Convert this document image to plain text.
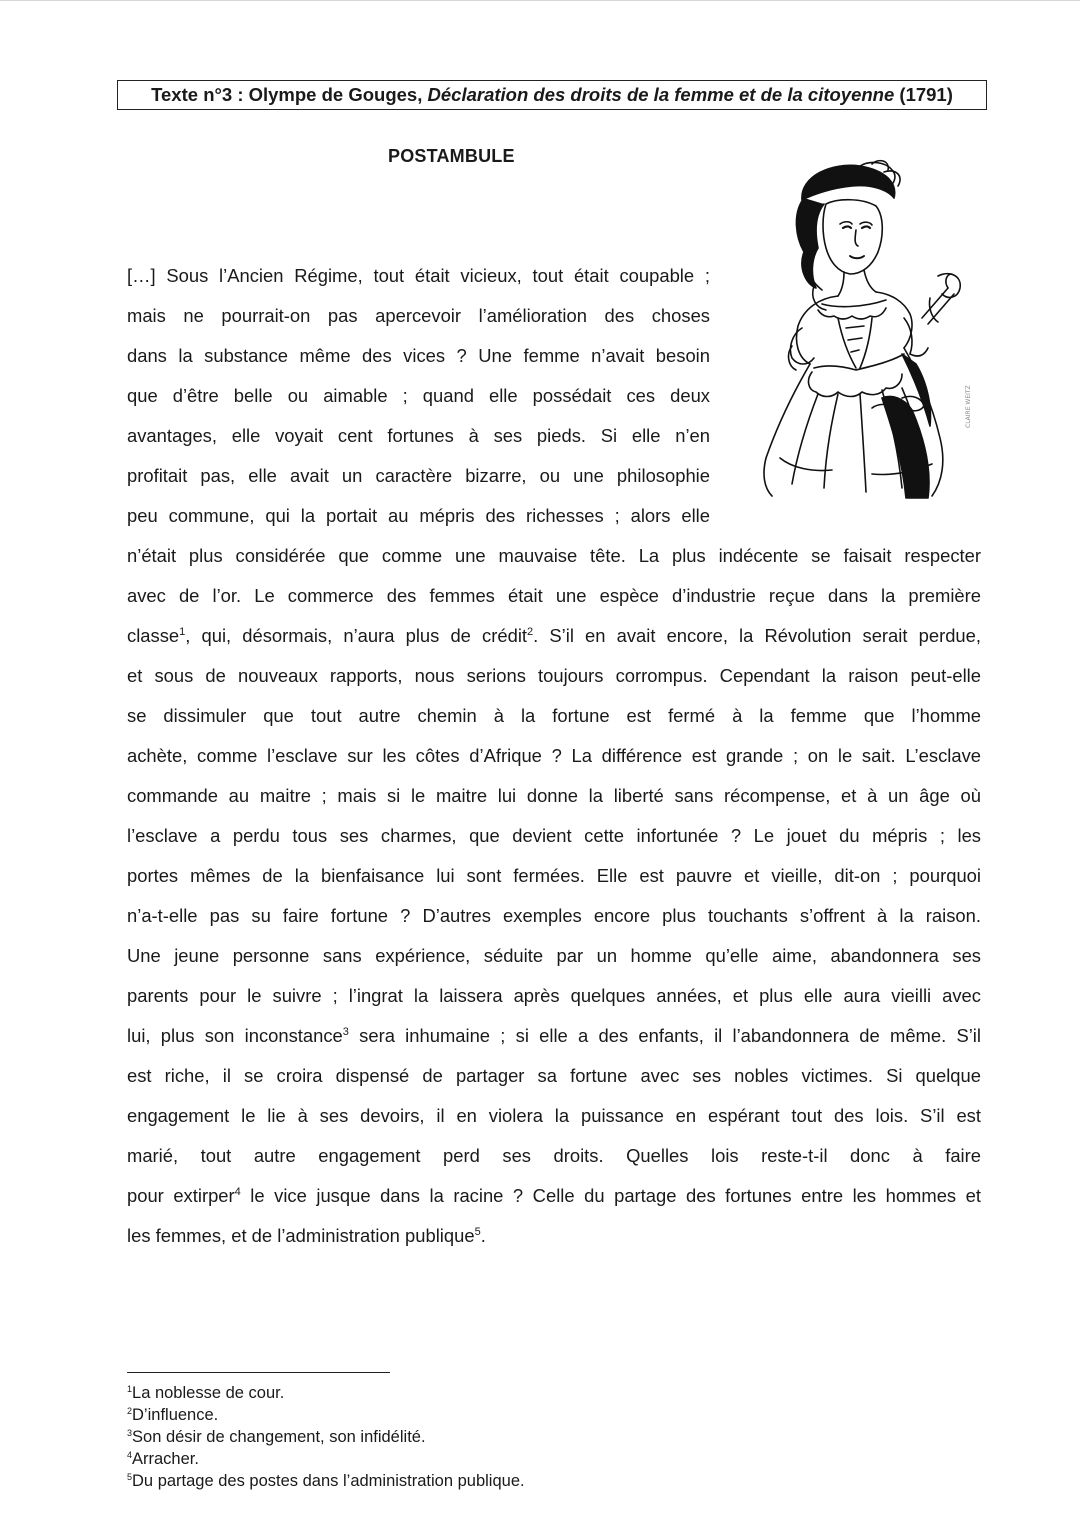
Texte n°3 : Olympe de Gouges, Déclaration des droits de la femme et de la citoyenne (1791)
POSTAMBULE
CLAIRE WEITZ
[…] Sous l’Ancien Régime, tout était vicieux, tout était coupable ;
mais ne pourrait-on pas apercevoir l’amélioration des choses
dans la substance même des vices ? Une femme n’avait besoin
que d’être belle ou aimable ; quand elle possédait ces deux
avantages, elle voyait cent fortunes à ses pieds. Si elle n’en
profitait pas, elle avait un caractère bizarre, ou une philosophie
peu commune, qui la portait au mépris des richesses ; alors elle
n’était plus considérée que comme une mauvaise tête. La plus indécente se faisait respecter
avec de l’or. Le commerce des femmes était une espèce d’industrie reçue dans la première
classe$^1$, qui, désormais, n’aura plus de crédit$^2$. S’il en avait encore, la Révolution serait perdue,
et sous de nouveaux rapports, nous serions toujours corrompus. Cependant la raison peut-elle
se dissimuler que tout autre chemin à la fortune est fermé à la femme que l’homme
achète, comme l’esclave sur les côtes d’Afrique ? La différence est grande ; on le sait. L’esclave
commande au maitre ; mais si le maitre lui donne la liberté sans récompense, et à un âge où
l’esclave a perdu tous ses charmes, que devient cette infortunée ? Le jouet du mépris ; les
portes mêmes de la bienfaisance lui sont fermées. Elle est pauvre et vieille, dit-on ; pourquoi
n’a-t-elle pas su faire fortune ? D’autres exemples encore plus touchants s’offrent à la raison.
Une jeune personne sans expérience, séduite par un homme qu’elle aime, abandonnera ses
parents pour le suivre ; l’ingrat la laissera après quelques années, et plus elle aura vieilli avec
lui, plus son inconstance$^3$ sera inhumaine ; si elle a des enfants, il l’abandonnera de même. S’il
est riche, il se croira dispensé de partager sa fortune avec ses nobles victimes. Si quelque
engagement le lie à ses devoirs, il en violera la puissance en espérant tout des lois. S’il est
marié, tout autre engagement perd ses droits. Quelles lois reste-t-il donc à faire
pour extirper$^4$ le vice jusque dans la racine ? Celle du partage des fortunes entre les hommes et
les femmes, et de l’administration publique$^5$.
$^1$La noblesse de cour.
$^2$D’influence.
$^3$Son désir de changement, son infidélité.
$^4$Arracher.
$^5$Du partage des postes dans l’administration publique.
